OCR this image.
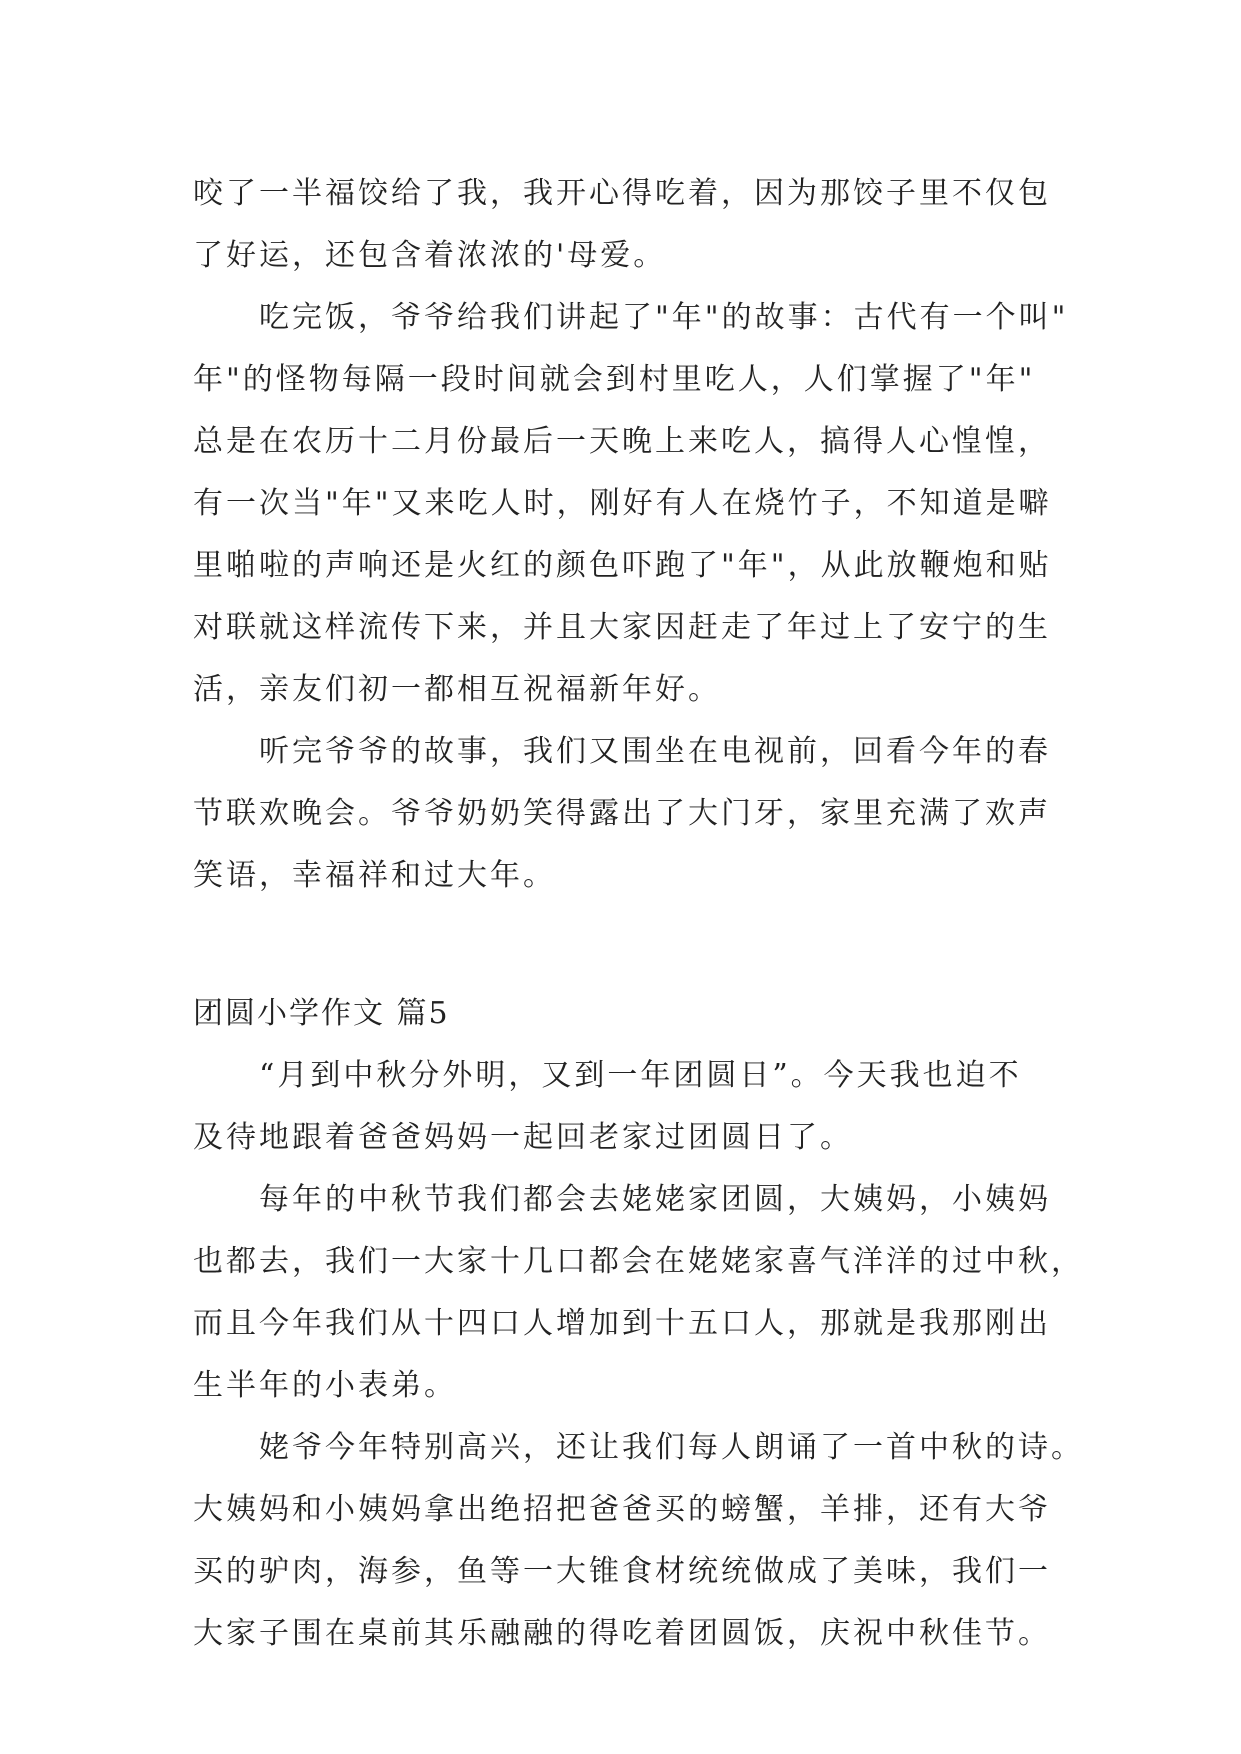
咬了一半福饺给了我，我开心得吃着，因为那饺子里不仅包
了好运，还包含着浓浓的'母爱。
　　吃完饭，爷爷给我们讲起了"年"的故事：古代有一个叫"
年"的怪物每隔一段时间就会到村里吃人，人们掌握了"年"
总是在农历十二月份最后一天晚上来吃人，搞得人心惶惶，
有一次当"年"又来吃人时，刚好有人在烧竹子，不知道是噼
里啪啦的声响还是火红的颜色吓跑了"年"，从此放鞭炮和贴
对联就这样流传下来，并且大家因赶走了年过上了安宁的生
活，亲友们初一都相互祝福新年好。
　　听完爷爷的故事，我们又围坐在电视前，回看今年的春
节联欢晚会。爷爷奶奶笑得露出了大门牙，家里充满了欢声
笑语，幸福祥和过大年。
团圆小学作文 篇5
　　“月到中秋分外明，又到一年团圆日”。今天我也迫不
及待地跟着爸爸妈妈一起回老家过团圆日了。
　　每年的中秋节我们都会去姥姥家团圆，大姨妈，小姨妈
也都去，我们一大家十几口都会在姥姥家喜气洋洋的过中秋，
而且今年我们从十四口人增加到十五口人，那就是我那刚出
生半年的小表弟。
　　姥爷今年特别高兴，还让我们每人朗诵了一首中秋的诗。
大姨妈和小姨妈拿出绝招把爸爸买的螃蟹，羊排，还有大爷
买的驴肉，海参，鱼等一大锥食材统统做成了美味，我们一
大家子围在桌前其乐融融的得吃着团圆饭，庆祝中秋佳节。
